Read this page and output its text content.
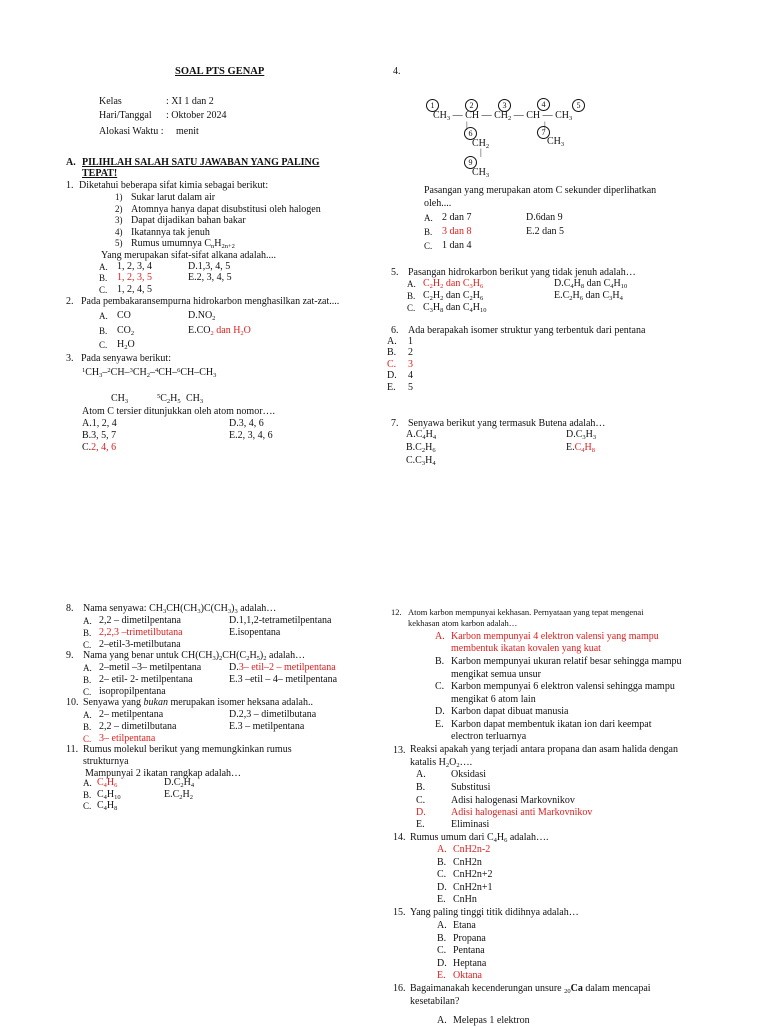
SOAL PTS GENAP
Kelas	: XI 1 dan 2
Hari/Tanggal : Oktober 2024
Alokasi Waktu : menit
A. PILIHLAH SALAH SATU JAWABAN YANG PALING
TEPAT!
1. Diketahui beberapa sifat kimia sebagai berikut:
1) Sukar larut dalam air
2) Atomnya hanya dapat disubstitusi oleh halogen
3) Dapat dijadikan bahan bakar
4) Ikatannya tak jenuh
5) Rumus umumnya $C_nH_{2n+2}$
Yang merupakan sifat-sifat alkana adalah....
A. 1, 2, 3, 4	D.1,3, 4, 5
B. 1, 2, 3, 5	E.2, 3, 4, 5
C. 1, 2, 4, 5
2. Pada pembakaransempurna hidrokarbon menghasilkan zat-zat....
A. CO	$D.NO_2$
B. $CO_2$	$E.CO_2$ dan $H_2O$
C. $H_2O$
3. Pada senyawa berikut:
$^1CH_3-^2CH-^3CH_2-^4CH-^6CH-CH_3$
$CH_3$
$^5C_2H_5$ $CH_3$
Atom C tersier ditunjukkan oleh atom nomor….
A.1, 2, 4	D.3, 4, 6
B.3, 5, 7	E.2, 3, 4, 6
C.2, 4, 6
4.
1	2	3	4	5
$CH_3$ — CH — $CH_2$ — CH — $CH_3$
|	|
6	7
$CH_2$	$CH_3$
|
9
$CH_3$
Pasangan yang merupakan atom C sekunder diperlihatkan
oleh....
A. 2 dan 7	D.6dan 9
B. 3 dan 8	E.2 dan 5
C. 1 dan 4
5. Pasangan hidrokarbon berikut yang tidak jenuh adalah…
A. $C_2H_2$ dan $C_3H_6$	$D.C_4H_8$ dan $C_4H_{10}$
B. $C_2H_2$ dan $C_2H_6$	$E.C_2H_6$ dan $C_3H_4$
C. $C_3H_8$ dan $C_4H_{10}$
6. Ada berapakah isomer struktur yang terbentuk dari pentana
A. 1
B. 2
C. 3
D. 4
E. 5
7. Senyawa berikut yang termasuk Butena adalah…
$A.C_4H_4$	$D.C_3H_3$
$B.C_2H_6$	$E.C_4H_8$
$C.C_3H_4$
8. Nama senyawa: $CH_3CH(CH_3)C(CH_3)_3$ adalah…
A. 2,2 – dimetilpentana	D.1,1,2-tetrametilpentana
B. 2,2,3 –trimetilbutana	E.isopentana
C. 2–etil-3-metilbutana
9. Nama yang benar untuk $CH(CH_3)_2CH(C_2H_5)_2$ adalah…
A. 2–metil –3– metilpentana	D.3– etil–2 – metilpentana
B. 2– etil- 2- metilpentana	E.3 –etil – 4– metilpentana
C. isopropilpentana
10. Senyawa yang bukan merupakan isomer heksana adalah..
A. 2– metilpentana	D.2,3 – dimetilbutana
B. 2,2 – dimetilbutana	E.3 – metilpentana
C. 3– etilpentana
11. Rumus molekul berikut yang memungkinkan rumus
strukturnya
Mampunyai 2 ikatan rangkap adalah…
A. $C_4H_6$	$D.C_2H_4$
B. $C_4H_{10}$	$E.C_2H_2$
C. $C_4H_8$
12. Atom karbon mempunyai kekhasan. Pernyataan yang tepat mengenai
kekhasan atom karbon adalah…
A. Karbon mempunyai 4 elektron valensi yang mampu
membentuk ikatan kovalen yang kuat
B. Karbon mempunyai ukuran relatif besar sehingga mampu
mengikat semua unsur
C. Karbon mempunyai 6 elektron valensi sehingga mampu
mengikat 6 atom lain
D. Karbon dapat dibuat manusia
E. Karbon dapat membentuk ikatan ion dari keempat
electron terluarnya
13. Reaksi apakah yang terjadi antara propana dan asam halida dengan
katalis $H_2O_2\dots$.
A.	Oksidasi
B.	Substitusi
C.	Adisi halogenasi Markovnikov
D.	Adisi halogenasi anti Markovnikov
E.	Eliminasi
14. Rumus umum dari $C_4H_6$ adalah….
A. CnH2n-2
B. CnH2n
C. CnH2n+2
D. CnH2n+1
E. CnHn
15. Yang paling tinggi titik didihnya adalah…
A. Etana
B. Propana
C. Pentana
D. Heptana
E. Oktana
16. Bagaimanakah kecenderungan unsure $_{20}$Ca dalam mencapai
kesetabilan?
A. Melepas 1 elektron
